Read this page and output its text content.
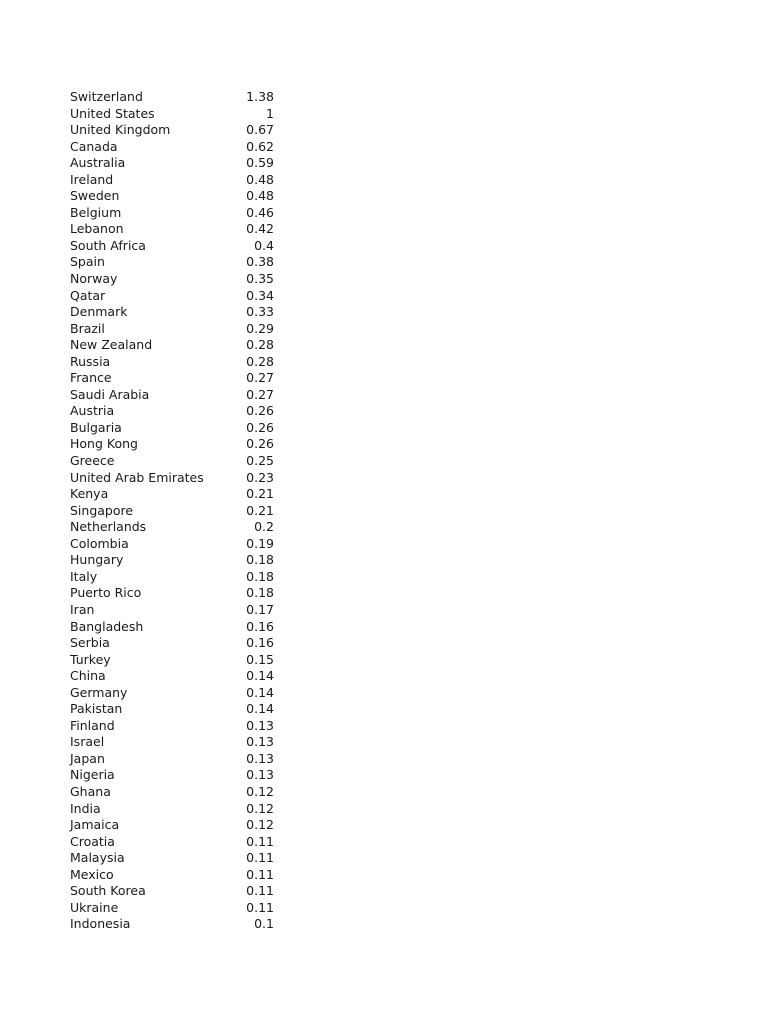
Switzerland	1.38
United States	1
United Kingdom	0.67
Canada	0.62
Australia	0.59
Ireland	0.48
Sweden	0.48
Belgium	0.46
Lebanon	0.42
South Africa	0.4
Spain	0.38
Norway	0.35
Qatar	0.34
Denmark	0.33
Brazil	0.29
New Zealand	0.28
Russia	0.28
France	0.27
Saudi Arabia	0.27
Austria	0.26
Bulgaria	0.26
Hong Kong	0.26
Greece	0.25
United Arab Emirates	0.23
Kenya	0.21
Singapore	0.21
Netherlands	0.2
Colombia	0.19
Hungary	0.18
Italy	0.18
Puerto Rico	0.18
Iran	0.17
Bangladesh	0.16
Serbia	0.16
Turkey	0.15
China	0.14
Germany	0.14
Pakistan	0.14
Finland	0.13
Israel	0.13
Japan	0.13
Nigeria	0.13
Ghana	0.12
India	0.12
Jamaica	0.12
Croatia	0.11
Malaysia	0.11
Mexico	0.11
South Korea	0.11
Ukraine	0.11
Indonesia	0.1
